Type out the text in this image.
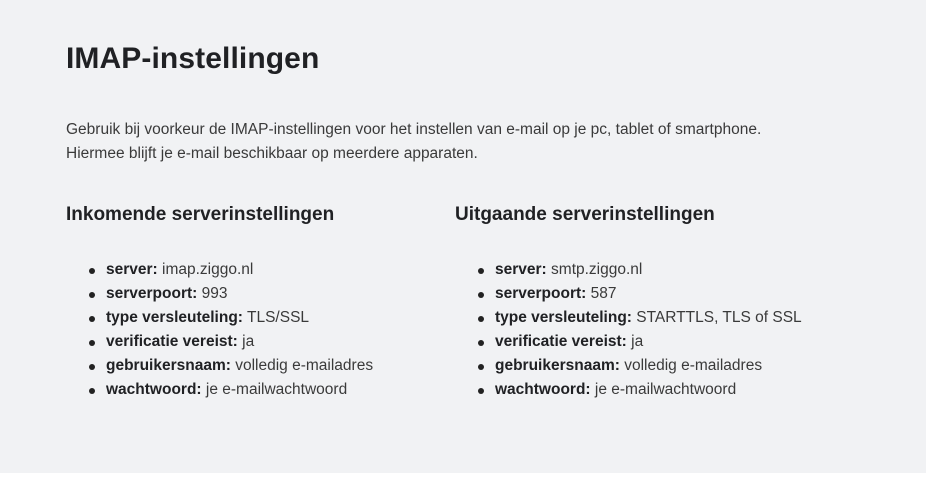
IMAP-instellingen

Gebruik bij voorkeur de IMAP-instellingen voor het instellen van e-mail op je pc, tablet of smartphone. Hiermee blijft je e-mail beschikbaar op meerdere apparaten.

Inkomende serverinstellingen
server: imap.ziggo.nl
serverpoort: 993
type versleuteling: TLS/SSL
verificatie vereist: ja
gebruikersnaam: volledig e-mailadres
wachtwoord: je e-mailwachtwoord
Uitgaande serverinstellingen
server: smtp.ziggo.nl
serverpoort: 587
type versleuteling: STARTTLS, TLS of SSL
verificatie vereist: ja
gebruikersnaam: volledig e-mailadres
wachtwoord: je e-mailwachtwoord
